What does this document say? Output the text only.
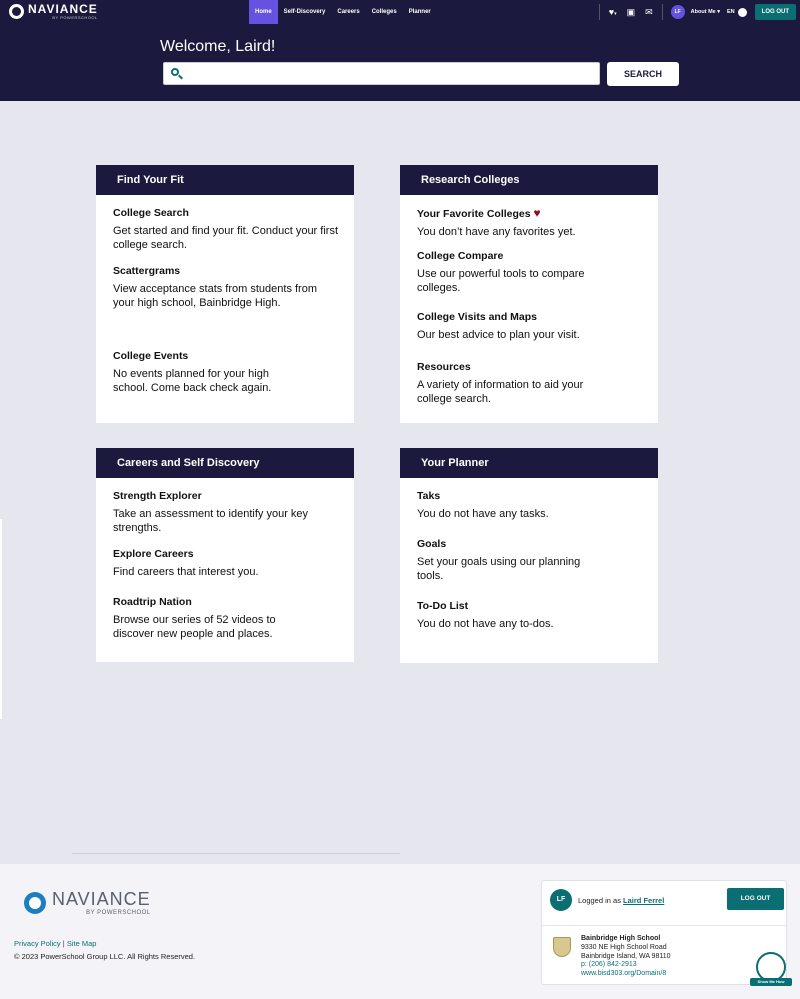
NAVIANCE
BY POWERSCHOOL
Home	Self-Discovery	Careers	Colleges	Planner	♥▾ ▣ ✉	LF	About Me ▾ EN	LOG OUT
Welcome, Laird!
SEARCH
Find Your Fit
College Search
Get started and find your fit. Conduct your first college search.
Scattergrams
View acceptance stats from students from your high school, Bainbridge High.
College Events
No events planned for your high school. Come back check again.
Research Colleges
Your Favorite Colleges ♥
You don’t have any favorites yet.
College Compare
Use our powerful tools to compare colleges.
College Visits and Maps
Our best advice to plan your visit.
Resources
A variety of information to aid your college search.
Careers and Self Discovery
Strength Explorer
Take an assessment to identify your key strengths.
Explore Careers
Find careers that interest you.
Roadtrip Nation
Browse our series of 52 videos to discover new people and places.
Your Planner
Taks
You do not have any tasks.
Goals
Set your goals using our planning tools.
To-Do List
You do not have any to-dos.
NAVIANCE
BY POWERSCHOOL
Privacy Policy | Site Map
© 2023 PowerSchool Group LLC. All Rights Reserved.
LF	Logged in as Laird Ferrel	LOG OUT
Bainbridge High School
9330 NE High School Road
Bainbridge Island, WA 98110
p: (206) 842-2913
www.bisd303.org/Domain/8
Show Me How
